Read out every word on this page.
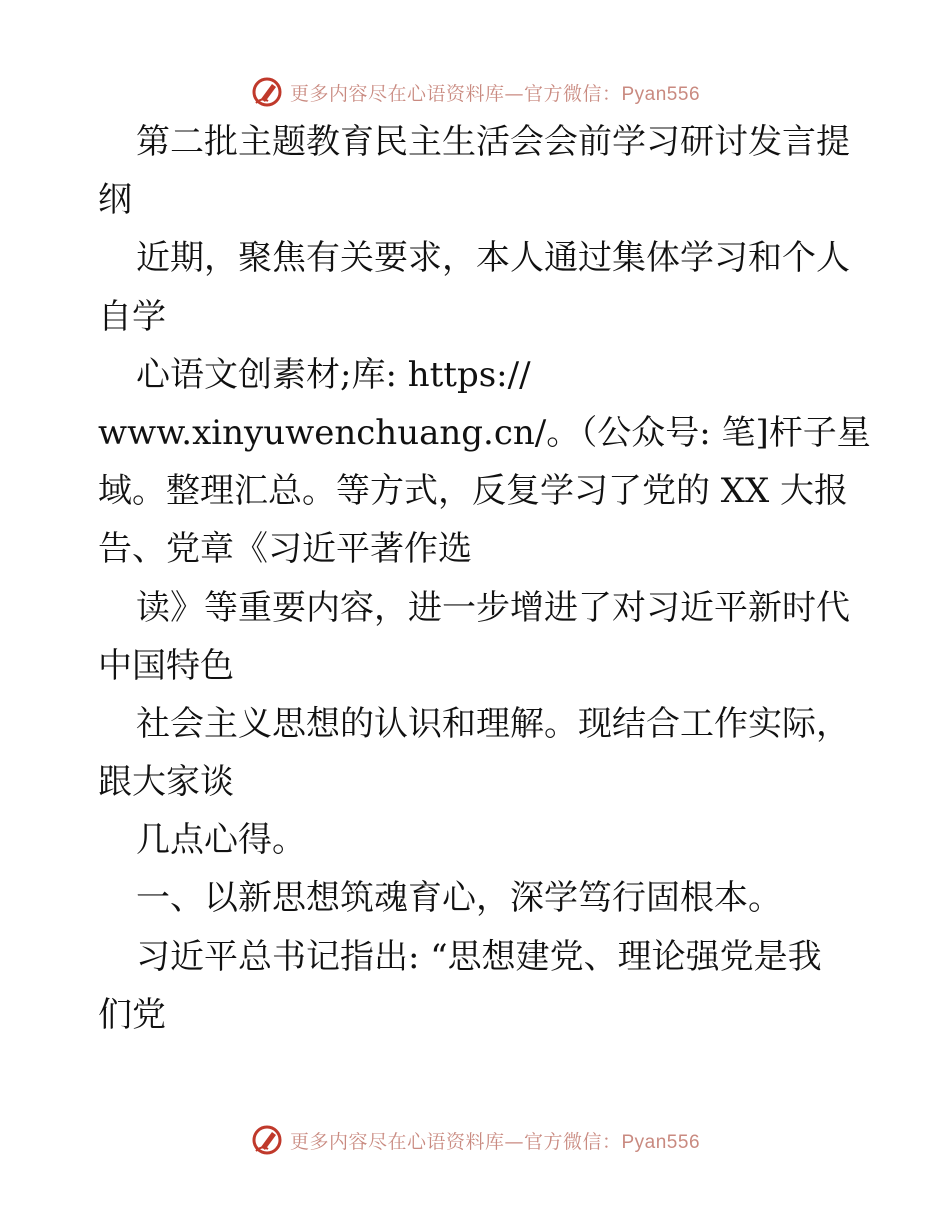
更多内容尽在心语资料库—官方微信：Pyan556
第二批主题教育民主生活会会前学习研讨发言提
纲
近期，聚焦有关要求，本人通过集体学习和个人
自学
心语文创素材;库: https://
www.xinyuwenchuang.cn/。（公众号: 笔]杆子星
域。整理汇总。等方式，反复学习了党的 XX 大报
告、党章《习近平著作选
读》等重要内容，进一步增进了对习近平新时代
中国特色
社会主义思想的认识和理解。现结合工作实际，
跟大家谈
几点心得。
一、以新思想筑魂育心，深学笃行固根本。
习近平总书记指出: “思想建党、理论强党是我
们党
更多内容尽在心语资料库—官方微信：Pyan556
